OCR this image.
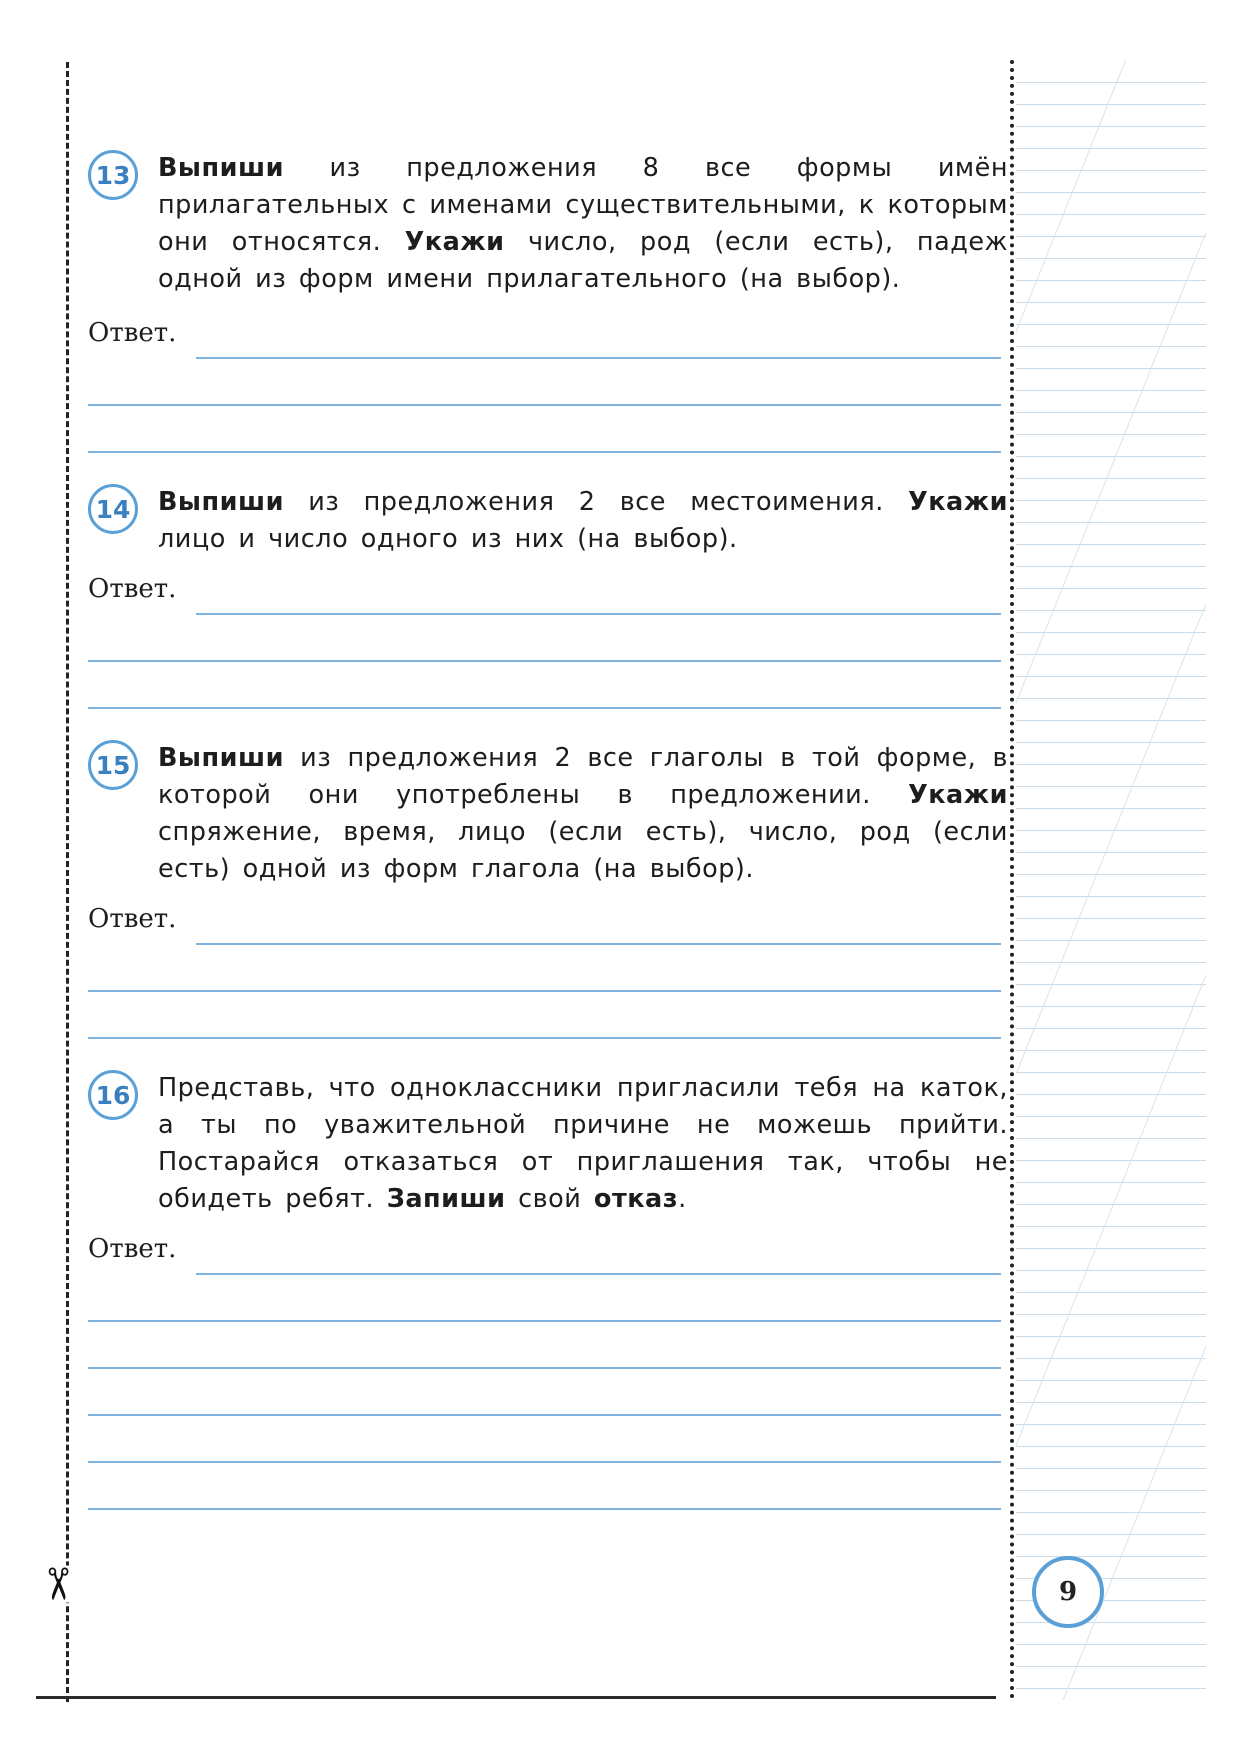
✂
13 Выпиши из предложения 8 все формы имён прилагательных с именами существительными, к которым они относятся. Укажи число, род (если есть), падеж одной из форм имени прилагательного (на выбор).
Ответ.
14 Выпиши из предложения 2 все местоимения. Укажи лицо и число одного из них (на выбор).
Ответ.
15 Выпиши из предложения 2 все глаголы в той форме, в которой они употреблены в предложении. Укажи спряжение, время, лицо (если есть), число, род (если есть) одной из форм глагола (на выбор).
Ответ.
16 Представь, что одноклассники пригласили тебя на каток, а ты по уважительной причине не можешь прийти. Постарайся отказаться от приглашения так, чтобы не обидеть ребят. Запиши свой отказ.
Ответ.
9
